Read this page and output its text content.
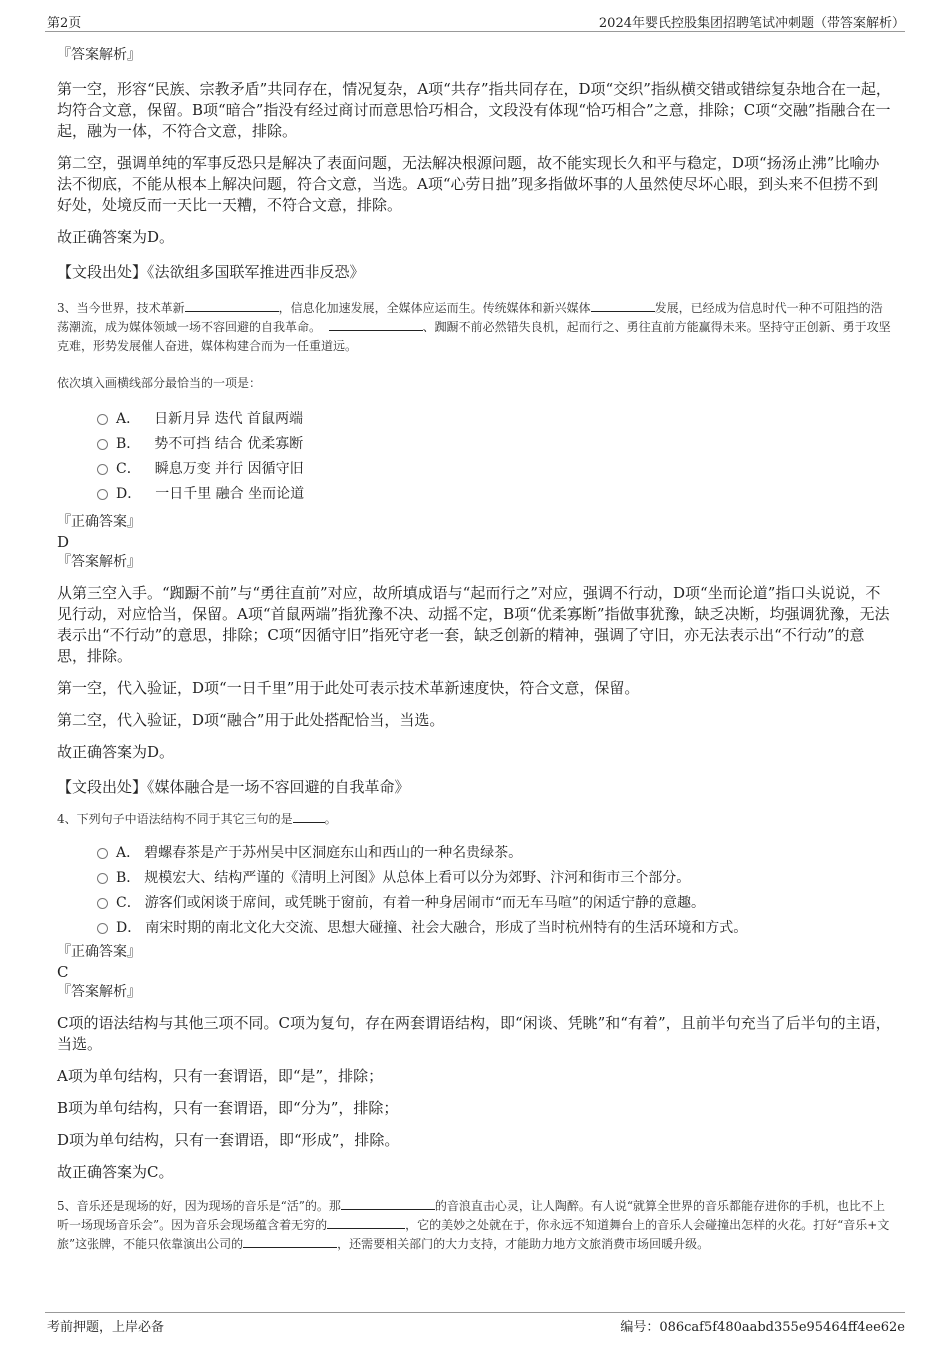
第2页	2024年婴氏控股集团招聘笔试冲刺题（带答案解析）

『答案解析』

第一空，形容“民族、宗教矛盾”共同存在，情况复杂，A项“共存”指共同存在，D项“交织”指纵横交错或错综复杂地合在一起，均符合文意，保留。B项“暗合”指没有经过商讨而意思恰巧相合，文段没有体现“恰巧相合”之意，排除；C项“交融”指融合在一起，融为一体，不符合文意，排除。

第二空，强调单纯的军事反恐只是解决了表面问题，无法解决根源问题，故不能实现长久和平与稳定，D项“扬汤止沸”比喻办法不彻底，不能从根本上解决问题，符合文意，当选。A项“心劳日拙”现多指做坏事的人虽然使尽坏心眼，到头来不但捞不到好处，处境反而一天比一天糟，不符合文意，排除。

故正确答案为D。

【文段出处】《法欲组多国联军推进西非反恐》

3、当今世界，技术革新	，信息化加速发展，全媒体应运而生。传统媒体和新兴媒体	发展，已经成为信息时代一种不可阻挡的浩荡潮流，成为媒体领域一场不容回避的自我革命。	、踟蹰不前必然错失良机，起而行之、勇往直前方能赢得未来。坚持守正创新、勇于攻坚克难，形势发展催人奋进，媒体构建合而为一任重道远。

依次填入画横线部分最恰当的一项是：

A． 日新月异 迭代 首鼠两端

B． 势不可挡 结合 优柔寡断

C． 瞬息万变 并行 因循守旧

D． 一日千里 融合 坐而论道

『正确答案』

D

『答案解析』

从第三空入手。“踟蹰不前”与“勇往直前”对应，故所填成语与“起而行之”对应，强调不行动，D项“坐而论道”指口头说说，不见行动，对应恰当，保留。A项“首鼠两端”指犹豫不决、动摇不定，B项“优柔寡断”指做事犹豫，缺乏决断，均强调犹豫，无法表示出“不行动”的意思，排除；C项“因循守旧”指死守老一套，缺乏创新的精神，强调了守旧，亦无法表示出“不行动”的意思，排除。

第一空，代入验证，D项“一日千里”用于此处可表示技术革新速度快，符合文意，保留。

第二空，代入验证，D项“融合”用于此处搭配恰当，当选。

故正确答案为D。

【文段出处】《媒体融合是一场不容回避的自我革命》

4、下列句子中语法结构不同于其它三句的是	。

A． 碧螺春茶是产于苏州吴中区洞庭东山和西山的一种名贵绿茶。

B． 规模宏大、结构严谨的《清明上河图》从总体上看可以分为郊野、汴河和街市三个部分。

C． 游客们或闲谈于席间，或凭眺于窗前，有着一种身居闹市“而无车马喧”的闲适宁静的意趣。

D． 南宋时期的南北文化大交流、思想大碰撞、社会大融合，形成了当时杭州特有的生活环境和方式。

『正确答案』

C

『答案解析』

C项的语法结构与其他三项不同。C项为复句，存在两套谓语结构，即“闲谈、凭眺”和“有着”，且前半句充当了后半句的主语，当选。

A项为单句结构，只有一套谓语，即“是”，排除；

B项为单句结构，只有一套谓语，即“分为”，排除；

D项为单句结构，只有一套谓语，即“形成”，排除。

故正确答案为C。

5、音乐还是现场的好，因为现场的音乐是“活”的。那	的音浪直击心灵，让人陶醉。有人说“就算全世界的音乐都能存进你的手机，也比不上听一场现场音乐会”。因为音乐会现场蕴含着无穷的	，它的美妙之处就在于，你永远不知道舞台上的音乐人会碰撞出怎样的火花。打好“音乐+文旅”这张牌，不能只依靠演出公司的	，还需要相关部门的大力支持，才能助力地方文旅消费市场回暖升级。

考前押题，上岸必备	编号：086caf5f480aabd355e95464ff4ee62e
